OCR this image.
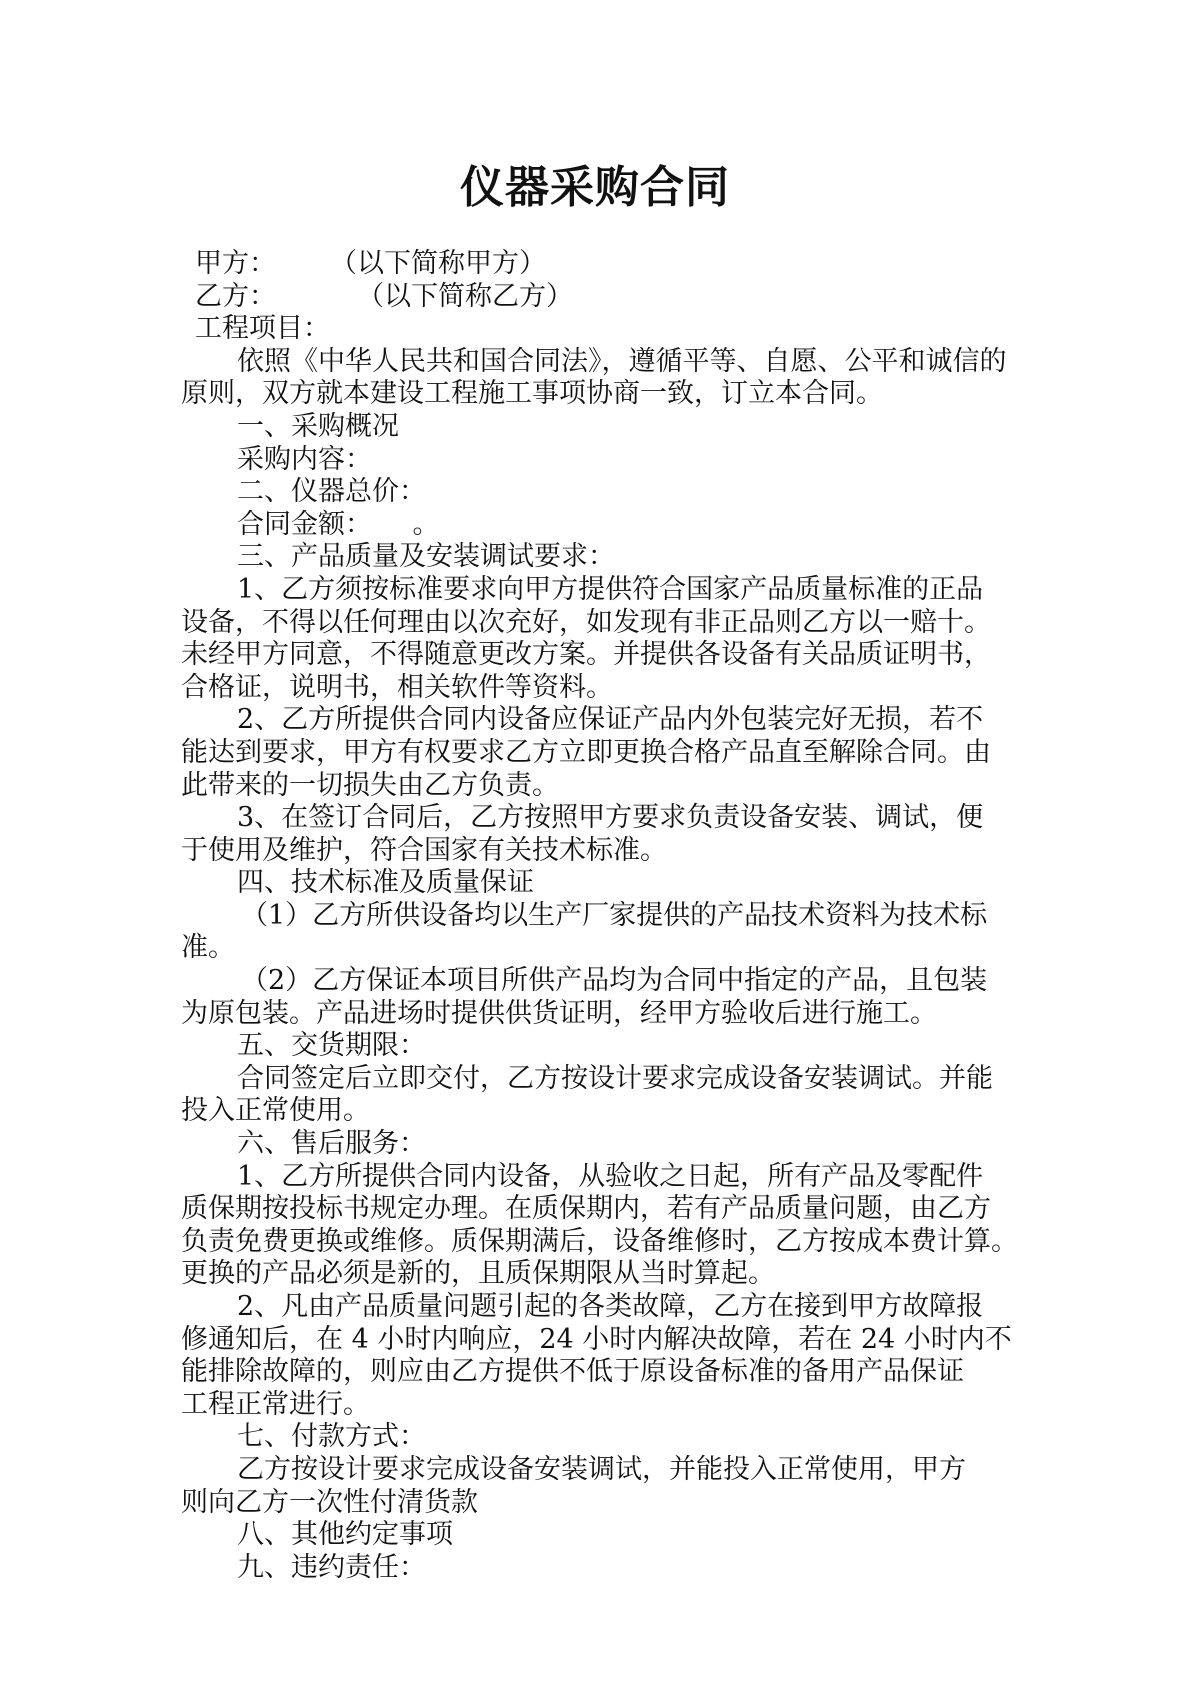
仪器采购合同
甲方：　　　（以下简称甲方）
乙方：　　　　（以下简称乙方）
工程项目：
依照《中华人民共和国合同法》，遵循平等、自愿、公平和诚信的
原则，双方就本建设工程施工事项协商一致，订立本合同。
一、采购概况
采购内容：
二、仪器总价：
合同金额：　　。
三、产品质量及安装调试要求：
1、乙方须按标准要求向甲方提供符合国家产品质量标准的正品
设备，不得以任何理由以次充好，如发现有非正品则乙方以一赔十。
未经甲方同意，不得随意更改方案。并提供各设备有关品质证明书，
合格证，说明书，相关软件等资料。
2、乙方所提供合同内设备应保证产品内外包装完好无损，若不
能达到要求，甲方有权要求乙方立即更换合格产品直至解除合同。由
此带来的一切损失由乙方负责。
3、在签订合同后，乙方按照甲方要求负责设备安装、调试，便
于使用及维护，符合国家有关技术标准。
四、技术标准及质量保证
（1）乙方所供设备均以生产厂家提供的产品技术资料为技术标
准。
（2）乙方保证本项目所供产品均为合同中指定的产品，且包装
为原包装。产品进场时提供供货证明，经甲方验收后进行施工。
五、交货期限：
合同签定后立即交付，乙方按设计要求完成设备安装调试。并能
投入正常使用。
六、售后服务：
1、乙方所提供合同内设备，从验收之日起，所有产品及零配件
质保期按投标书规定办理。在质保期内，若有产品质量问题，由乙方
负责免费更换或维修。质保期满后，设备维修时，乙方按成本费计算。
更换的产品必须是新的，且质保期限从当时算起。
2、凡由产品质量问题引起的各类故障，乙方在接到甲方故障报
修通知后，在 4 小时内响应，24 小时内解决故障，若在 24 小时内不
能排除故障的，则应由乙方提供不低于原设备标准的备用产品保证
工程正常进行。
七、付款方式：
乙方按设计要求完成设备安装调试，并能投入正常使用，甲方
则向乙方一次性付清货款
八、其他约定事项
九、违约责任：
